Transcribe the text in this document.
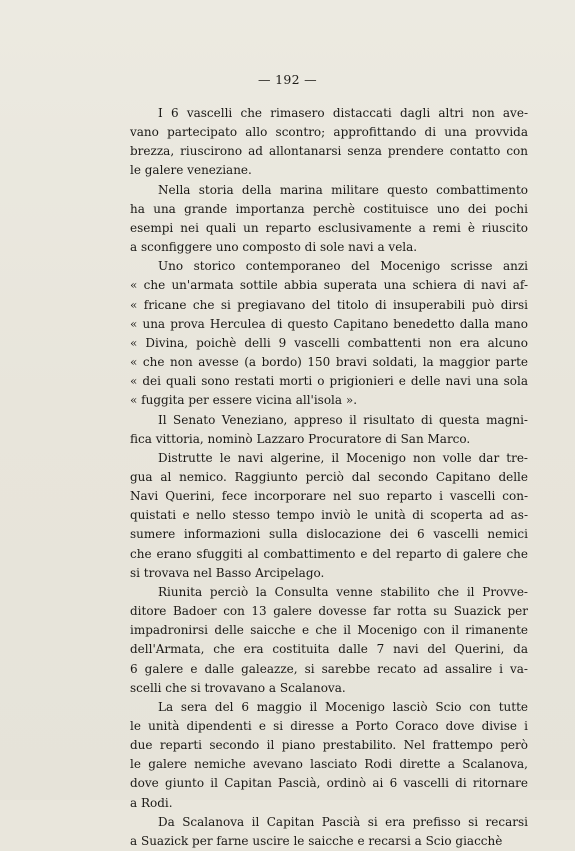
— 192 —
I 6 vascelli che rimasero distaccati dagli altri non ave-
vano partecipato allo scontro; approfittando di una provvida
brezza, riuscirono ad allontanarsi senza prendere contatto con
le galere veneziane.
Nella storia della marina militare questo combattimento
ha una grande importanza perchè costituisce uno dei pochi
esempi nei quali un reparto esclusivamente a remi è riuscito
a sconfiggere uno composto di sole navi a vela.
Uno storico contemporaneo del Mocenigo scrisse anzi
« che un'armata sottile abbia superata una schiera di navi af-
« fricane che si pregiavano del titolo di insuperabili può dirsi
« una prova Herculea di questo Capitano benedetto dalla mano
« Divina, poichè delli 9 vascelli combattenti non era alcuno
« che non avesse (a bordo) 150 bravi soldati, la maggior parte
« dei quali sono restati morti o prigionieri e delle navi una sola
« fuggita per essere vicina all'isola ».
Il Senato Veneziano, appreso il risultato di questa magni-
fica vittoria, nominò Lazzaro Procuratore di San Marco.
Distrutte le navi algerine, il Mocenigo non volle dar tre-
gua al nemico. Raggiunto perciò dal secondo Capitano delle
Navi Querini, fece incorporare nel suo reparto i vascelli con-
quistati e nello stesso tempo inviò le unità di scoperta ad as-
sumere informazioni sulla dislocazione dei 6 vascelli nemici
che erano sfuggiti al combattimento e del reparto di galere che
si trovava nel Basso Arcipelago.
Riunita perciò la Consulta venne stabilito che il Provve-
ditore Badoer con 13 galere dovesse far rotta su Suazick per
impadronirsi delle saicche e che il Mocenigo con il rimanente
dell'Armata, che era costituita dalle 7 navi del Querini, da
6 galere e dalle galeazze, si sarebbe recato ad assalire i va-
scelli che si trovavano a Scalanova.
La sera del 6 maggio il Mocenigo lasciò Scio con tutte
le unità dipendenti e si diresse a Porto Coraco dove divise i
due reparti secondo il piano prestabilito. Nel frattempo però
le galere nemiche avevano lasciato Rodi dirette a Scalanova,
dove giunto il Capitan Pascià, ordinò ai 6 vascelli di ritornare
a Rodi.
Da Scalanova il Capitan Pascià si era prefisso si recarsi
a Suazick per farne uscire le saicche e recarsi a Scio giacchè
